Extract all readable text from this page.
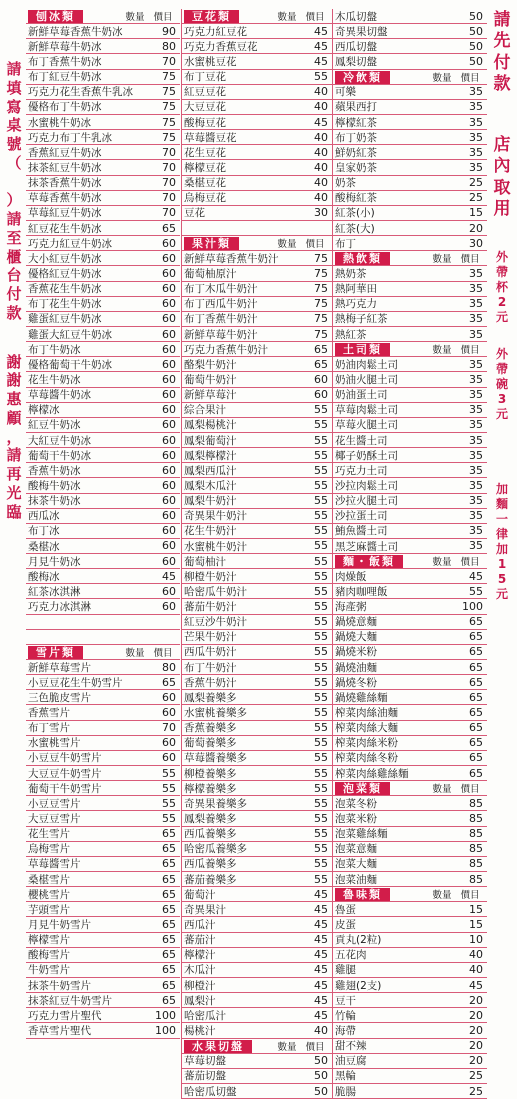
請
填
寫
桌
號
（

）
請
至
櫃
台
付
款
謝
謝
惠
顧
，
請
再
光
臨
請
先
付
款
店
內
取
用
外
帶
杯
2
元
外
帶
碗
3
元
加
麵
一
律
加
1
5
元
刨冰類	數量 價目
新鮮草莓香蕉牛奶冰	90
新鮮草莓牛奶冰	80
布丁香蕉牛奶冰	70
布丁紅豆牛奶冰	75
巧克力花生香蕉牛乳冰	75
優格布丁牛奶冰	75
水蜜桃牛奶冰	75
巧克力布丁牛乳冰	75
香蕉紅豆牛奶冰	70
抹茶紅豆牛奶冰	70
抹茶香蕉牛奶冰	70
草莓香蕉牛奶冰	70
草莓紅豆牛奶冰	70
紅豆花生牛奶冰	65
巧克力紅豆牛奶冰	60
大小紅豆牛奶冰	60
優格紅豆牛奶冰	60
香蕉花生牛奶冰	60
布丁花生牛奶冰	60
雞蛋紅豆牛奶冰	60
雞蛋大紅豆牛奶冰	60
布丁牛奶冰	60
優格葡萄干牛奶冰	60
花生牛奶冰	60
草莓醬牛奶冰	60
檸檬冰	60
紅豆牛奶冰	60
大紅豆牛奶冰	60
葡萄干牛奶冰	60
香蕉牛奶冰	60
酸梅牛奶冰	60
抹茶牛奶冰	60
西瓜冰	60
布丁冰	60
桑椹冰	60
月見牛奶冰	60
酸梅冰	45
紅茶冰淇淋	60
巧克力冰淇淋	60
雪片類	數量 價目
新鮮草莓雪片	80
小豆豆花生牛奶雪片	65
三色脆皮雪片	60
香蕉雪片	60
布丁雪片	70
水蜜桃雪片	60
小豆豆牛奶雪片	60
大豆豆牛奶雪片	55
葡萄干牛奶雪片	55
小豆豆雪片	55
大豆豆雪片	55
花生雪片	65
烏梅雪片	65
草莓醬雪片	65
桑椹雪片	65
櫻桃雪片	65
芋頭雪片	65
月見牛奶雪片	65
檸檬雪片	65
酸梅雪片	65
牛奶雪片	65
抹茶牛奶雪片	65
抹茶紅豆牛奶雪片	65
巧克力雪片聖代	100
香草雪片聖代	100
豆花類	數量 價目
巧克力紅豆花	45
巧克力香蕉豆花	45
水蜜桃豆花	45
布丁豆花	55
紅豆豆花	40
大豆豆花	40
酸梅豆花	45
草莓醬豆花	40
花生豆花	40
檸檬豆花	40
桑椹豆花	40
烏梅豆花	40
豆花	30
果汁類	數量 價目
新鮮草莓香蕉牛奶汁	75
葡萄柚原汁	75
布丁木瓜牛奶汁	75
布丁西瓜牛奶汁	75
布丁香蕉牛奶汁	75
新鮮草莓牛奶汁	75
巧克力香蕉牛奶汁	65
酪梨牛奶汁	65
葡萄牛奶汁	60
新鮮草莓汁	60
綜合果汁	55
鳳梨楊桃汁	55
鳳梨葡萄汁	55
鳳梨檸檬汁	55
鳳梨西瓜汁	55
鳳梨木瓜汁	55
鳳梨牛奶汁	55
奇異果牛奶汁	55
花生牛奶汁	55
水蜜桃牛奶汁	55
葡萄柚汁	55
柳橙牛奶汁	55
哈密瓜牛奶汁	55
蕃茄牛奶汁	55
紅豆沙牛奶汁	55
芒果牛奶汁	55
西瓜牛奶汁	55
布丁牛奶汁	55
香蕉牛奶汁	55
鳳梨養樂多	55
水蜜桃養樂多	55
香蕉養樂多	55
葡萄養樂多	55
草莓醬養樂多	55
柳橙養樂多	55
檸檬養樂多	55
奇異果養樂多	55
鳳梨養樂多	55
西瓜養樂多	55
哈密瓜養樂多	55
西瓜養樂多	55
蕃茄養樂多	55
葡萄汁	45
奇異果汁	45
西瓜汁	45
蕃茄汁	45
檸檬汁	45
木瓜汁	45
柳橙汁	45
鳳梨汁	45
哈密瓜汁	45
楊桃汁	40
水果切盤	數量 價目
草莓切盤	50
蕃茄切盤	50
哈密瓜切盤	50
木瓜切盤	50
奇異果切盤	50
西瓜切盤	50
鳳梨切盤	50
冷飲類	數量 價目
可樂	35
蘋果西打	35
檸檬紅茶	35
布丁奶茶	35
鮮奶紅茶	35
皇家奶茶	35
奶茶	25
酸梅紅茶	25
紅茶(小)	15
紅茶(大)	20
布丁	30
熱飲類	數量 價目
熱奶茶	35
熱阿華田	35
熱巧克力	35
熱梅子紅茶	35
熱紅茶	35
土司類	數量 價目
奶油肉鬆土司	35
奶油火腿土司	35
奶油蛋土司	35
草莓肉鬆土司	35
草莓火腿土司	35
花生醬土司	35
椰子奶酥土司	35
巧克力土司	35
沙拉肉鬆土司	35
沙拉火腿土司	35
沙拉蛋土司	35
鮪魚醬土司	35
黑芝麻醬土司	35
麵・飯類	數量 價目
肉燥飯	45
豬肉咖哩飯	55
海產粥	100
鍋燒意麵	65
鍋燒大麵	65
鍋燒米粉	65
鍋燒油麵	65
鍋燒冬粉	65
鍋燒雞絲麵	65
榨菜肉絲油麵	65
榨菜肉絲大麵	65
榨菜肉絲米粉	65
榨菜肉絲冬粉	65
榨菜肉絲雞絲麵	65
泡菜類	數量 價目
泡菜冬粉	85
泡菜米粉	85
泡菜雞絲麵	85
泡菜意麵	85
泡菜大麵	85
泡菜油麵	85
魯味類	數量 價目
魯蛋	15
皮蛋	15
貢丸(2粒)	10
五花肉	40
雞腿	40
雞翅(2支)	45
豆干	20
竹輪	20
海帶	20
甜不辣	20
油豆腐	20
黑輪	25
脆腸	25
